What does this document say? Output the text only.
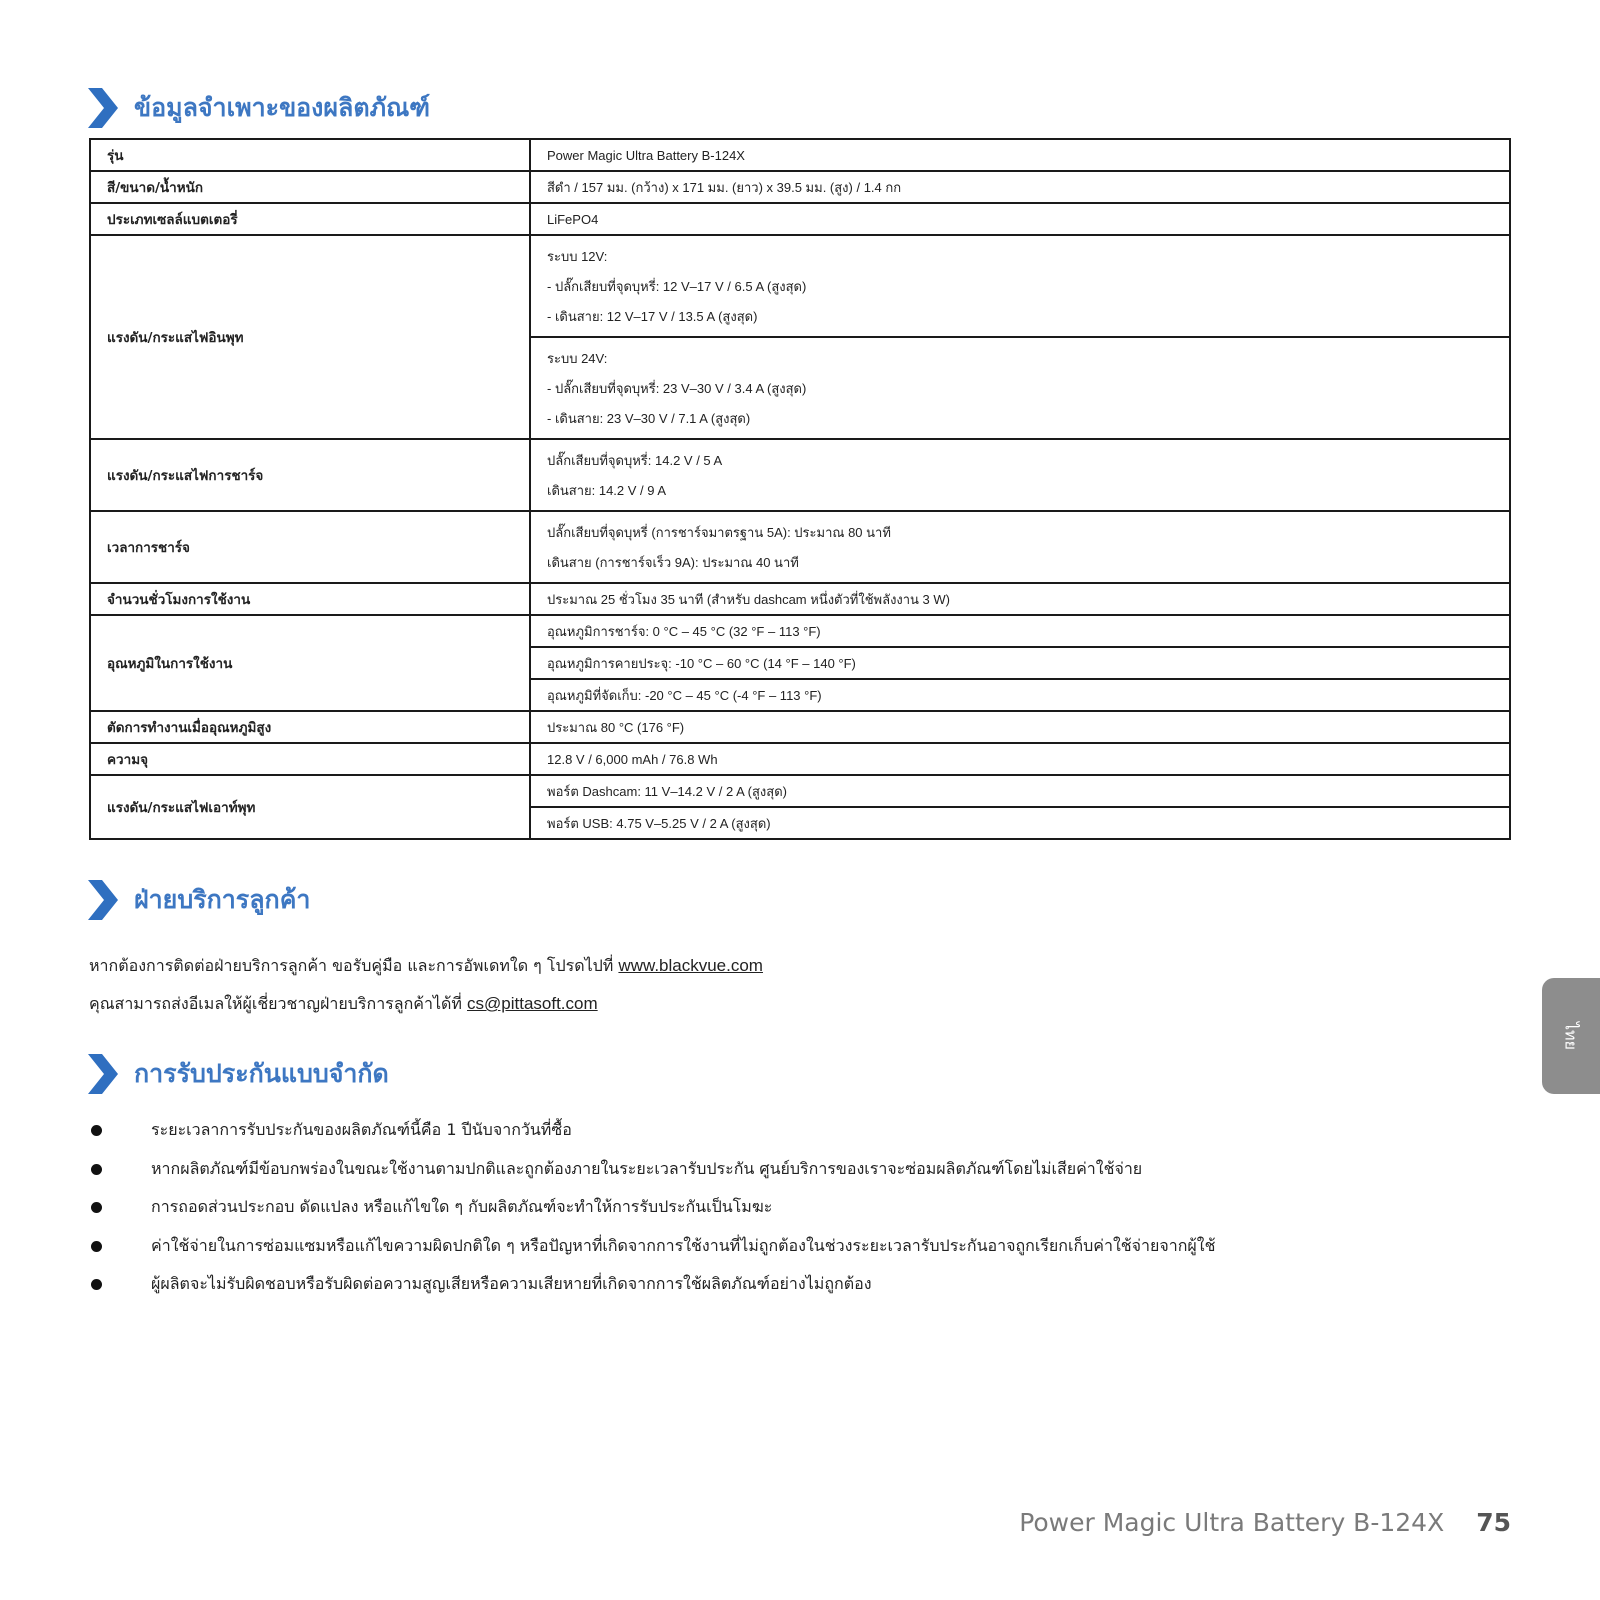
ข้อมูลจำเพาะของผลิตภัณฑ์
รุ่น	Power Magic Ultra Battery B-124X
สี/ขนาด/น้ำหนัก	สีดำ / 157 มม. (กว้าง) x 171 มม. (ยาว) x 39.5 มม. (สูง) / 1.4 กก
ประเภทเซลล์แบตเตอรี่	LiFePO4
แรงดัน/กระแสไฟอินพุท	ระบบ 12V:
- ปลั๊กเสียบที่จุดบุหรี่: 12 V–17 V / 6.5 A (สูงสุด)
- เดินสาย: 12 V–17 V / 13.5 A (สูงสุด)

	ระบบ 24V:
- ปลั๊กเสียบที่จุดบุหรี่: 23 V–30 V / 3.4 A (สูงสุด)
- เดินสาย: 23 V–30 V / 7.1 A (สูงสุด)

แรงดัน/กระแสไฟการชาร์จ	ปลั๊กเสียบที่จุดบุหรี่: 14.2 V / 5 A
เดินสาย: 14.2 V / 9 A

เวลาการชาร์จ	ปลั๊กเสียบที่จุดบุหรี่ (การชาร์จมาตรฐาน 5A): ประมาณ 80 นาที
เดินสาย (การชาร์จเร็ว 9A): ประมาณ 40 นาที

จำนวนชั่วโมงการใช้งาน	ประมาณ 25 ชั่วโมง 35 นาที (สำหรับ dashcam หนึ่งตัวที่ใช้พลังงาน 3 W)
อุณหภูมิในการใช้งาน	อุณหภูมิการชาร์จ: 0 °C – 45 °C (32 °F – 113 °F)
	อุณหภูมิการคายประจุ: -10 °C – 60 °C (14 °F – 140 °F)
	อุณหภูมิที่จัดเก็บ: -20 °C – 45 °C (-4 °F – 113 °F)
ตัดการทำงานเมื่ออุณหภูมิสูง	ประมาณ 80 °C (176 °F)
ความจุ	12.8 V / 6,000 mAh / 76.8 Wh
แรงดัน/กระแสไฟเอาท์พุท	พอร์ต Dashcam: 11 V–14.2 V / 2 A (สูงสุด)
	พอร์ต USB: 4.75 V–5.25 V / 2 A (สูงสุด)
ฝ่ายบริการลูกค้า
หากต้องการติดต่อฝ่ายบริการลูกค้า ขอรับคู่มือ และการอัพเดทใด ๆ โปรดไปที่ www.blackvue.com
คุณสามารถส่งอีเมลให้ผู้เชี่ยวชาญฝ่ายบริการลูกค้าได้ที่ cs@pittasoft.com
การรับประกันแบบจำกัด
ระยะเวลาการรับประกันของผลิตภัณฑ์นี้คือ 1 ปีนับจากวันที่ซื้อ
หากผลิตภัณฑ์มีข้อบกพร่องในขณะใช้งานตามปกติและถูกต้องภายในระยะเวลารับประกัน ศูนย์บริการของเราจะซ่อมผลิตภัณฑ์โดยไม่เสียค่าใช้จ่าย
การถอดส่วนประกอบ ดัดแปลง หรือแก้ไขใด ๆ กับผลิตภัณฑ์จะทำให้การรับประกันเป็นโมฆะ
ค่าใช้จ่ายในการซ่อมแซมหรือแก้ไขความผิดปกติใด ๆ หรือปัญหาที่เกิดจากการใช้งานที่ไม่ถูกต้องในช่วงระยะเวลารับประกันอาจถูกเรียกเก็บค่าใช้จ่ายจากผู้ใช้
ผู้ผลิตจะไม่รับผิดชอบหรือรับผิดต่อความสูญเสียหรือความเสียหายที่เกิดจากการใช้ผลิตภัณฑ์อย่างไม่ถูกต้อง
ไทย
Power Magic Ultra Battery B-124X 75
